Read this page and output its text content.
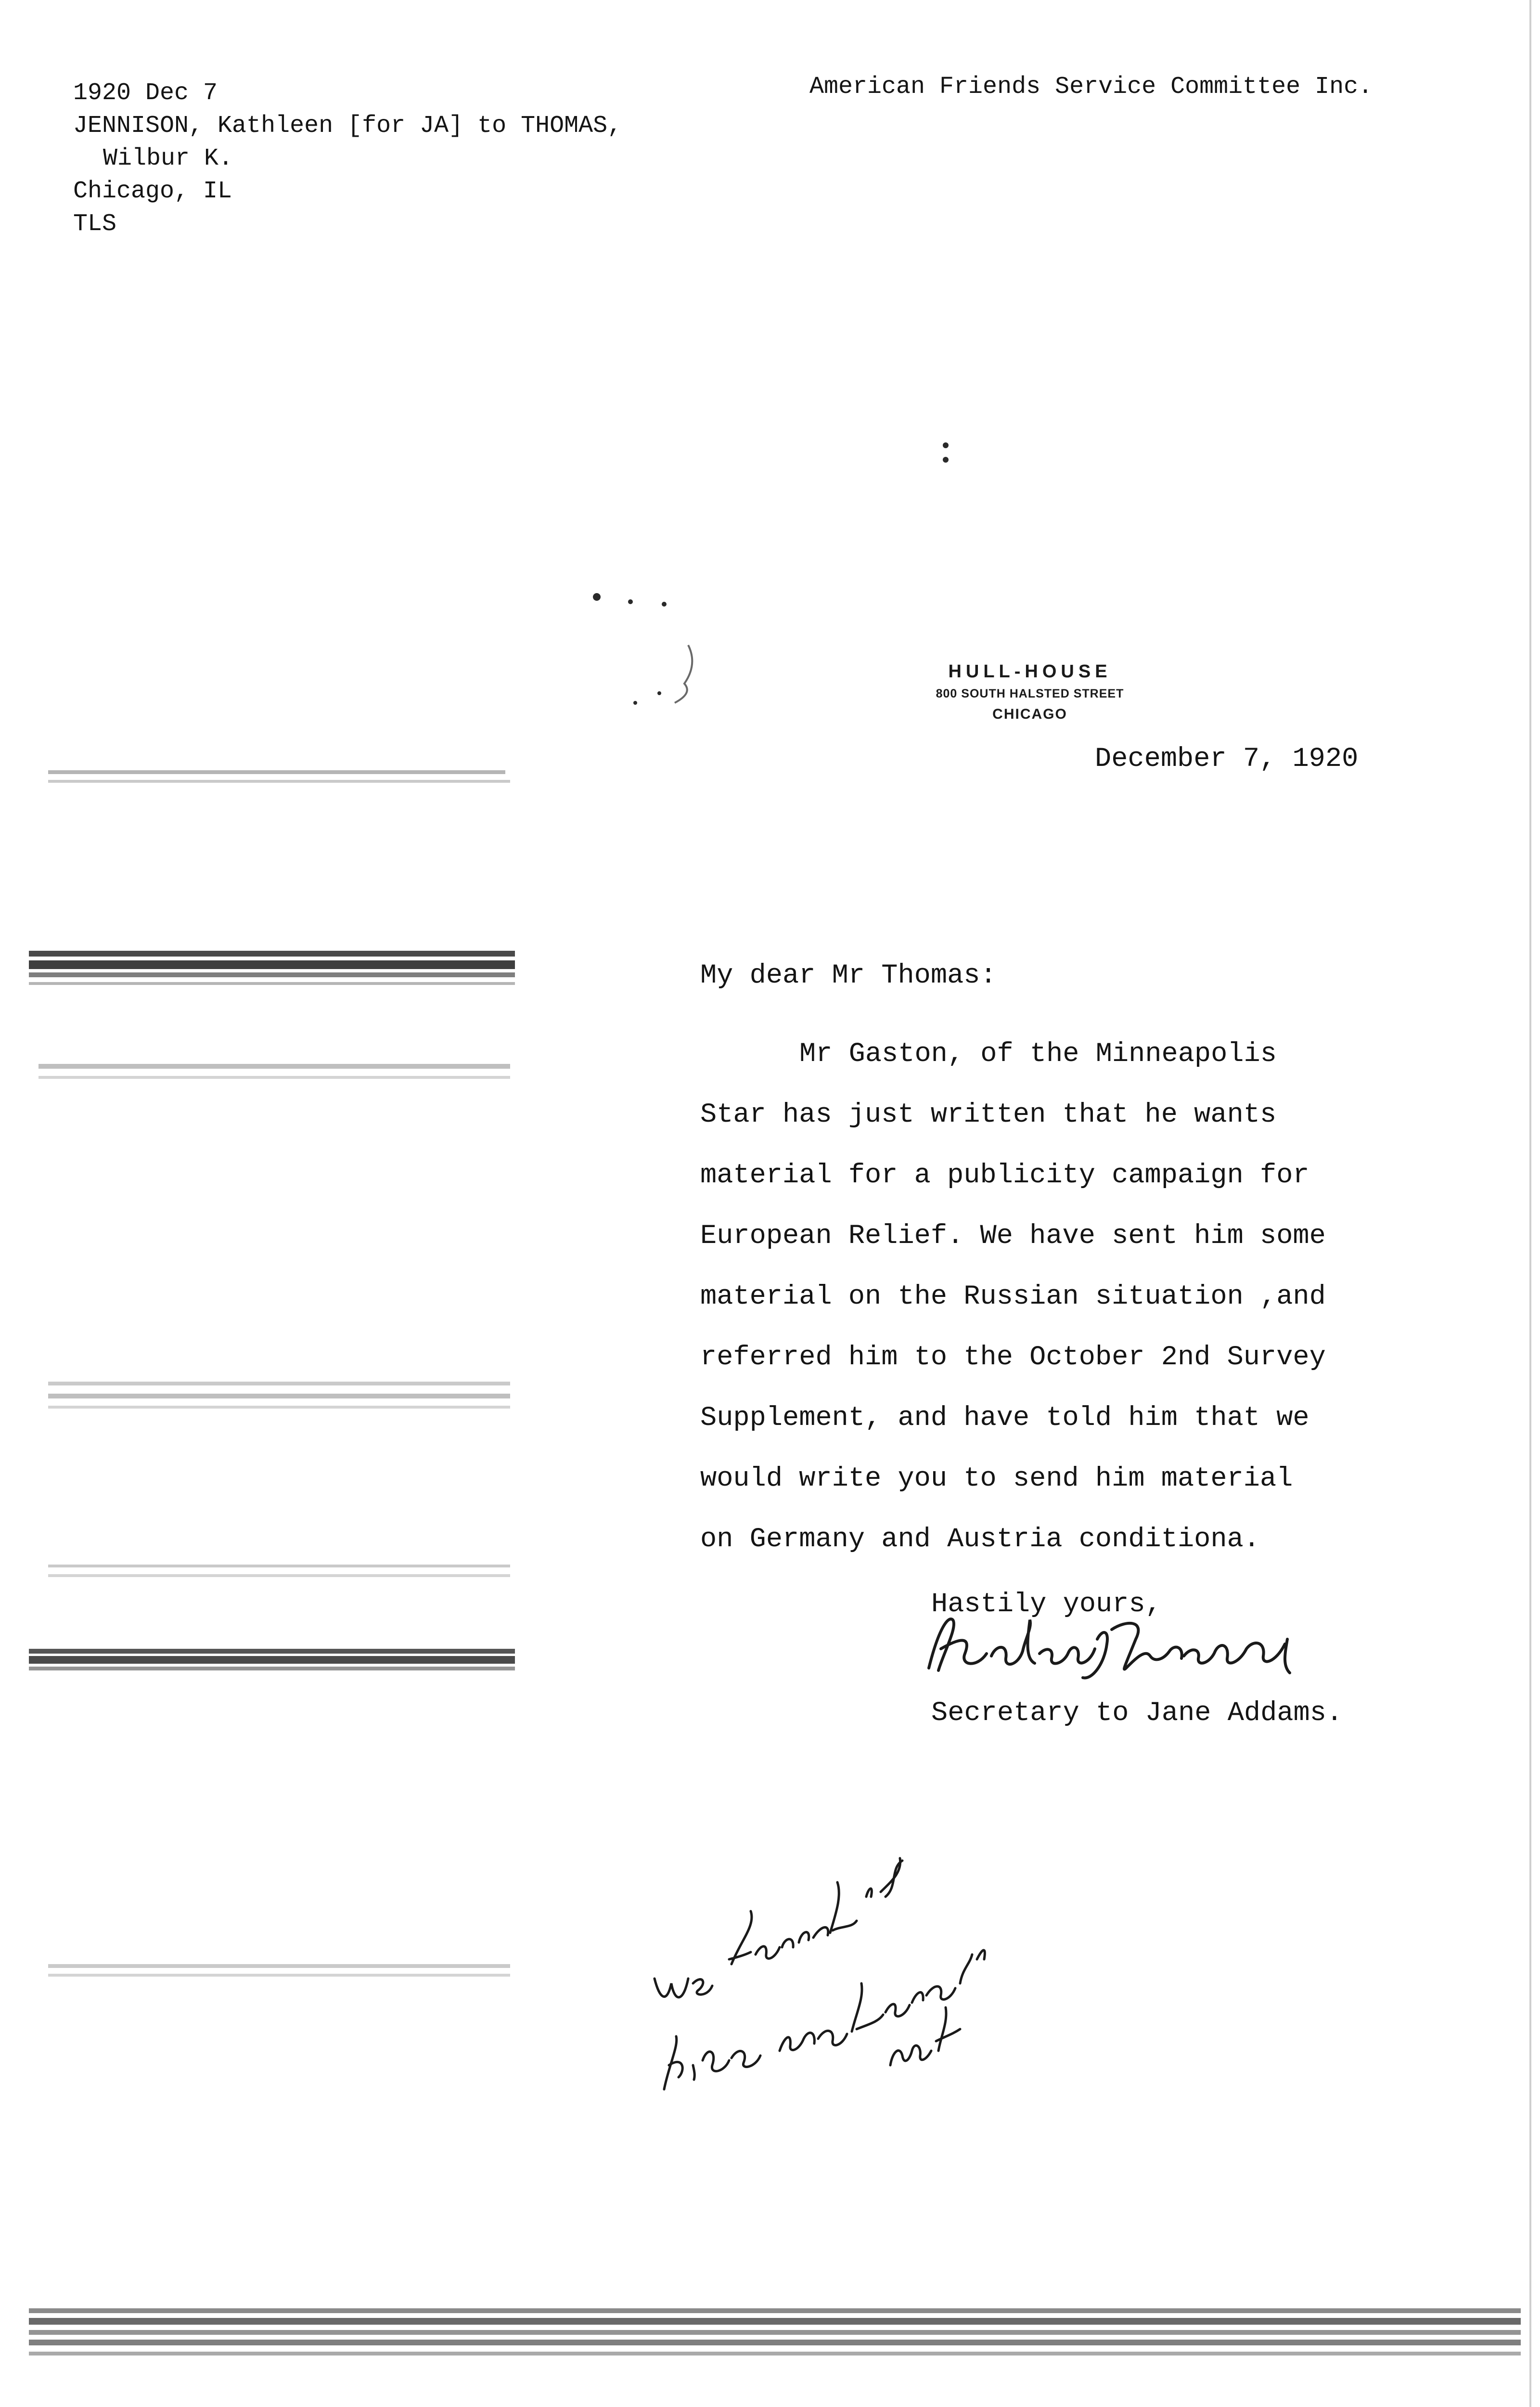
1920 Dec 7
JENNISON, Kathleen [for JA] to THOMAS,
Wilbur K.
Chicago, IL
TLS
American Friends Service Committee Inc.
HULL-HOUSE
800 SOUTH HALSTED STREET
CHICAGO
December 7, 1920
My dear Mr Thomas:
Mr Gaston, of the Minneapolis
Star has just written that he wants
material for a publicity campaign for
European Relief. We have sent him some
material on the Russian situation ,and
referred him to the October 2nd Survey
Supplement, and have told him that we
would write you to send him material
on Germany and Austria conditiona.
Hastily yours,
Secretary to Jane Addams.
